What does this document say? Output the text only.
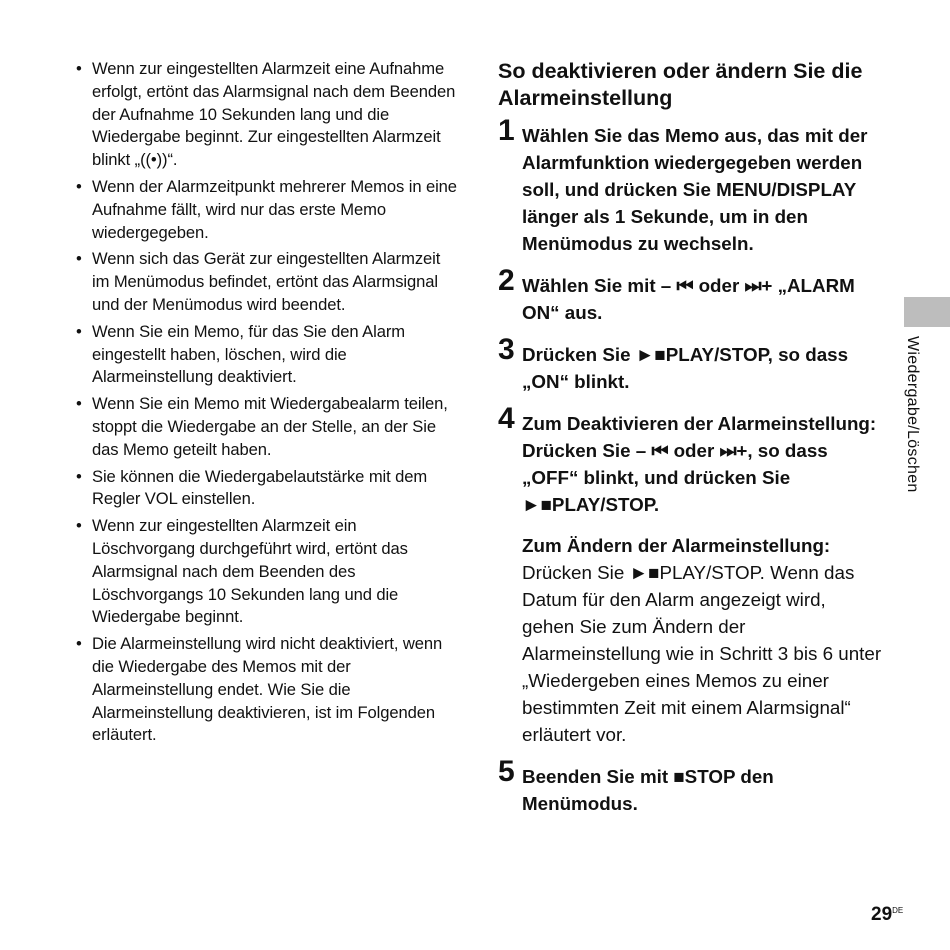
• Wenn zur eingestellten Alarmzeit eine Aufnahme erfolgt, ertönt das Alarmsignal nach dem Beenden der Aufnahme 10 Sekunden lang und die Wiedergabe beginnt. Zur eingestellten Alarmzeit blinkt „((•))“.
• Wenn der Alarmzeitpunkt mehrerer Memos in eine Aufnahme fällt, wird nur das erste Memo wiedergegeben.
• Wenn sich das Gerät zur eingestellten Alarmzeit im Menümodus befindet, ertönt das Alarmsignal und der Menümodus wird beendet.
• Wenn Sie ein Memo, für das Sie den Alarm eingestellt haben, löschen, wird die Alarmeinstellung deaktiviert.
• Wenn Sie ein Memo mit Wiedergabealarm teilen, stoppt die Wiedergabe an der Stelle, an der Sie das Memo geteilt haben.
• Sie können die Wiedergabelautstärke mit dem Regler VOL einstellen.
• Wenn zur eingestellten Alarmzeit ein Löschvorgang durchgeführt wird, ertönt das Alarmsignal nach dem Beenden des Löschvorgangs 10 Sekunden lang und die Wiedergabe beginnt.
• Die Alarmeinstellung wird nicht deaktiviert, wenn die Wiedergabe des Memos mit der Alarmeinstellung endet. Wie Sie die Alarmeinstellung deaktivieren, ist im Folgenden erläutert.
So deaktivieren oder ändern Sie die Alarmeinstellung
1 Wählen Sie das Memo aus, das mit der Alarmfunktion wiedergegeben werden soll, und drücken Sie MENU/DISPLAY länger als 1 Sekunde, um in den Menümodus zu wechseln.
2 Wählen Sie mit – ⏮ oder ⏭+ „ALARM ON“ aus.
3 Drücken Sie ►■PLAY/STOP, so dass „ON“ blinkt.
4 Zum Deaktivieren der Alarmeinstellung: Drücken Sie – ⏮ oder ⏭+, so dass „OFF“ blinkt, und drücken Sie ►■PLAY/STOP.
Zum Ändern der Alarmeinstellung:
Drücken Sie ►■PLAY/STOP. Wenn das Datum für den Alarm angezeigt wird, gehen Sie zum Ändern der Alarmeinstellung wie in Schritt 3 bis 6 unter „Wiedergeben eines Memos zu einer bestimmten Zeit mit einem Alarmsignal“ erläutert vor.
5 Beenden Sie mit ■STOP den Menümodus.
Wiedergabe/Löschen
29DE
